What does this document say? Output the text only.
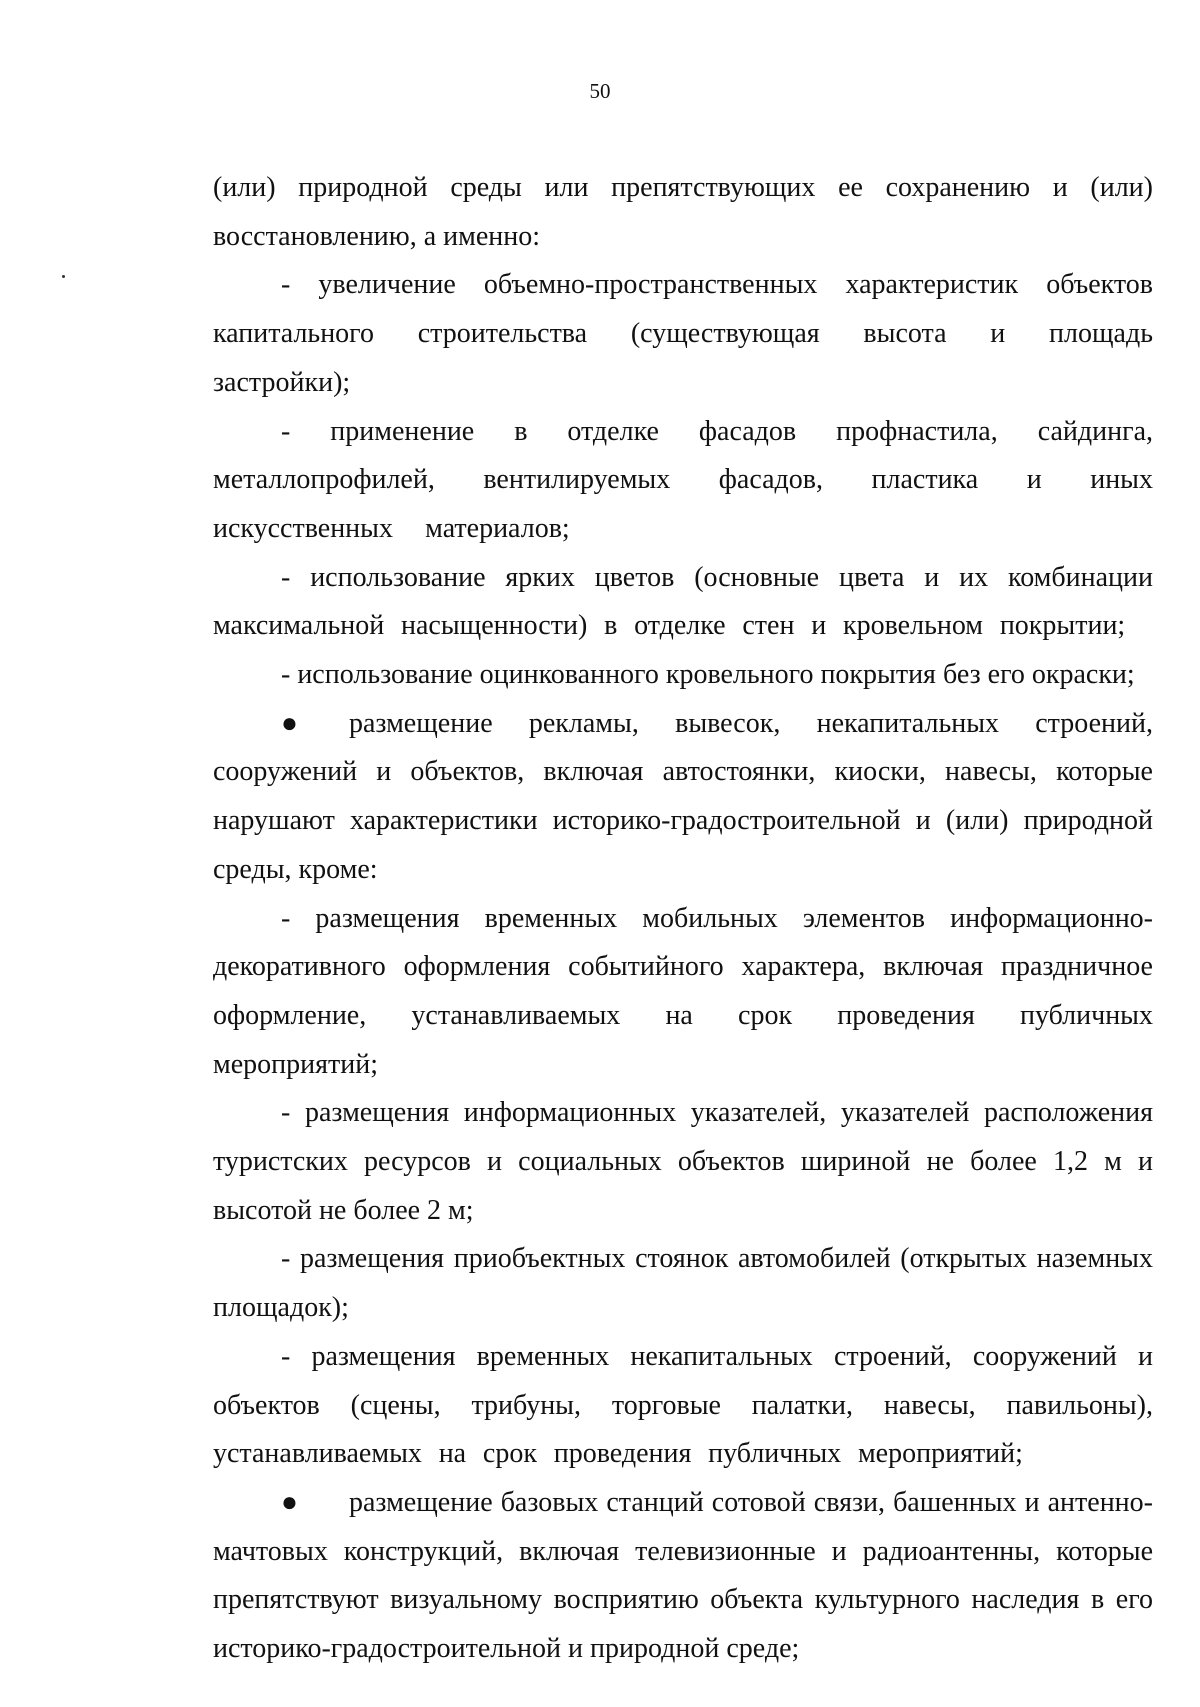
50

(или) природной среды или препятствующих ее сохранению и (или) восстановлению, а именно:

- увеличение объемно-пространственных характеристик объектов капитального строительства (существующая высота и площадь застройки);

- применение в отделке фасадов профнастила, сайдинга, металлопрофилей, вентилируемых фасадов, пластика и иных искусственных материалов;

- использование ярких цветов (основные цвета и их комбинации максимальной насыщенности) в отделке стен и кровельном покрытии;

- использование оцинкованного кровельного покрытия без его окраски;

● размещение рекламы, вывесок, некапитальных строений, сооружений и объектов, включая автостоянки, киоски, навесы, которые нарушают характеристики историко-градостроительной и (или) природной среды, кроме:

- размещения временных мобильных элементов информационно-декоративного оформления событийного характера, включая праздничное оформление, устанавливаемых на срок проведения публичных мероприятий;

- размещения информационных указателей, указателей расположения туристских ресурсов и социальных объектов шириной не более 1,2 м и высотой не более 2 м;

- размещения приобъектных стоянок автомобилей (открытых наземных площадок);

- размещения временных некапитальных строений, сооружений и объектов (сцены, трибуны, торговые палатки, навесы, павильоны), устанавливаемых на срок проведения публичных мероприятий;

● размещение базовых станций сотовой связи, башенных и антенно-мачтовых конструкций, включая телевизионные и радиоантенны, которые препятствуют визуальному восприятию объекта культурного наследия в его историко-градостроительной и природной среде;
